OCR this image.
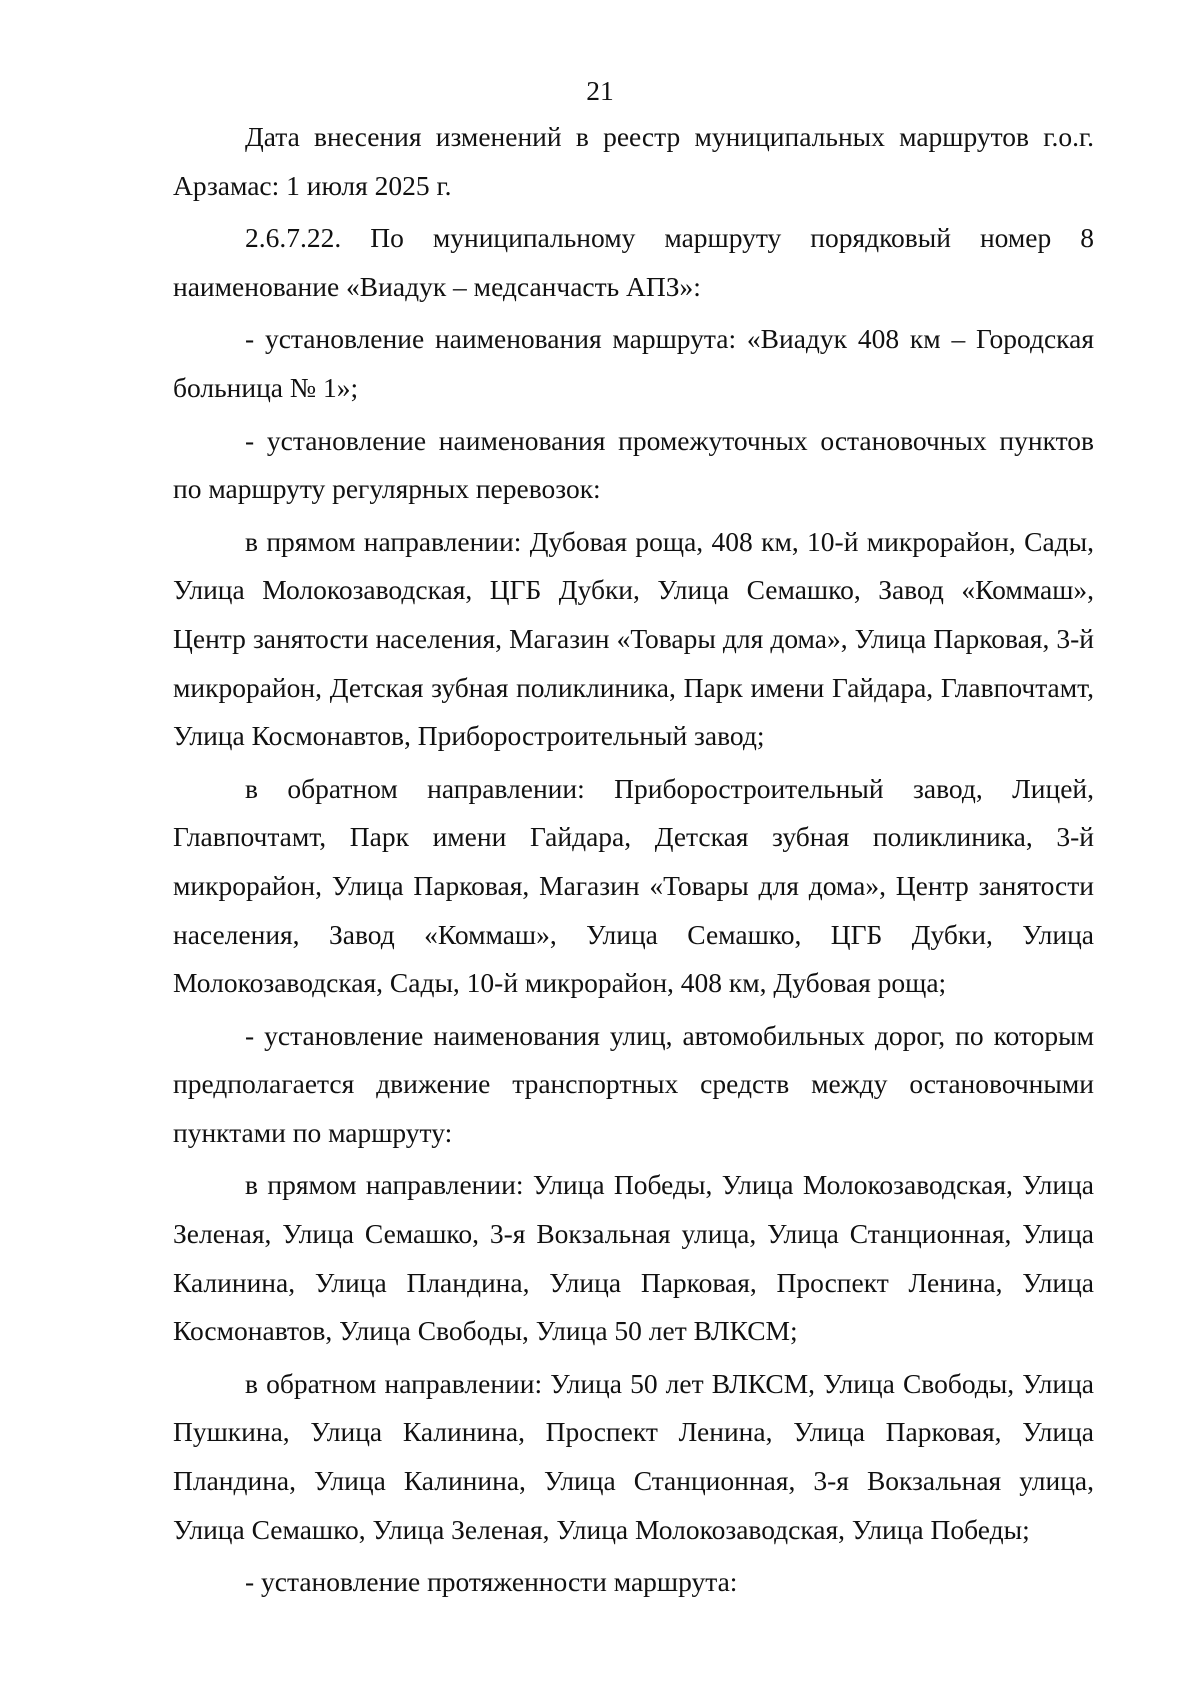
21

Дата внесения изменений в реестр муниципальных маршрутов г.о.г. Арзамас: 1 июля 2025 г.

2.6.7.22. По муниципальному маршруту порядковый номер 8 наименование «Виадук – медсанчасть АПЗ»:

- установление наименования маршрута: «Виадук 408 км – Городская больница № 1»;

- установление наименования промежуточных остановочных пунктов по маршруту регулярных перевозок:

в прямом направлении: Дубовая роща, 408 км, 10-й микрорайон, Сады, Улица Молокозаводская, ЦГБ Дубки, Улица Семашко, Завод «Коммаш», Центр занятости населения, Магазин «Товары для дома», Улица Парковая, 3-й микрорайон, Детская зубная поликлиника, Парк имени Гайдара, Главпочтамт, Улица Космонавтов, Приборостроительный завод;

в обратном направлении: Приборостроительный завод, Лицей, Главпочтамт, Парк имени Гайдара, Детская зубная поликлиника, 3-й микрорайон, Улица Парковая, Магазин «Товары для дома», Центр занятости населения, Завод «Коммаш», Улица Семашко, ЦГБ Дубки, Улица Молокозаводская, Сады, 10-й микрорайон, 408 км, Дубовая роща;

- установление наименования улиц, автомобильных дорог, по которым предполагается движение транспортных средств между остановочными пунктами по маршруту:

в прямом направлении: Улица Победы, Улица Молокозаводская, Улица Зеленая, Улица Семашко, 3-я Вокзальная улица, Улица Станционная, Улица Калинина, Улица Пландина, Улица Парковая, Проспект Ленина, Улица Космонавтов, Улица Свободы, Улица 50 лет ВЛКСМ;

в обратном направлении: Улица 50 лет ВЛКСМ, Улица Свободы, Улица Пушкина, Улица Калинина, Проспект Ленина, Улица Парковая, Улица Пландина, Улица Калинина, Улица Станционная, 3-я Вокзальная улица, Улица Семашко, Улица Зеленая, Улица Молокозаводская, Улица Победы;

- установление протяженности маршрута:
